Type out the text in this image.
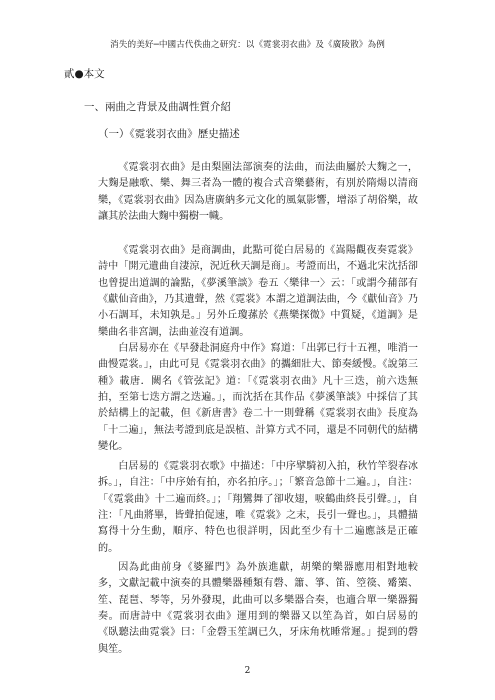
消失的美好─中國古代佚曲之研究：以《霓裳羽衣曲》及《廣陵散》為例
貳●本文
一、兩曲之背景及曲調性質介紹
（一）《霓裳羽衣曲》歷史描述

《霓裳羽衣曲》是由梨園法部演奏的法曲，而法曲屬於大麴之一，大麴是融歌、樂、舞三者為一體的複合式音樂藝術，有別於隋煬以清商樂，《霓裳羽衣曲》因為唐廣納多元文化的風氣影響，增添了胡俗樂，故讓其於法曲大麴中獨樹一幟。

《霓裳羽衣曲》是商調曲，此點可從白居易的《嵩陽觀夜奏霓裳》詩中「開元遺曲自淒涼，況近秋天調是商」。考證而出，不過北宋沈括卻也曾提出道調的論點，《夢溪筆談》卷五〈樂律一〉云：「或謂今蒱部有《獻仙音曲》，乃其遺聲，然《霓裳》本謂之道調法曲，今《獻仙音》乃小石調耳，未知孰是。」另外丘瓊蓀於《燕樂探微》中質疑，《道調》是樂曲名非宮調，法曲並沒有道調。

白居易亦在《早發赴洞庭舟中作》寫道：「出郭已行十五裡，唯消一曲慢霓裳。」，由此可見《霓裳羽衣曲》的攜細壯大、節奏緩慢。《說第三種》載唐．闕名《管弦記》道：「《霓裳羽衣曲》凡十三迭，前六迭無拍，至第七迭方謂之迭遍。」，而沈括在其作品《夢溪筆談》中採信了其於結構上的記載，但《新唐書》卷二十一則聲稱《霓裳羽衣曲》長度為「十二遍」，無法考證到底是誤植、計算方式不同，還是不同朝代的結構變化。

白居易的《霓裳羽衣歌》中描述：「中序擘騎初入拍，秋竹竿裂春冰拆。」，自注：「中序始有拍，亦名拍序。」；「繁音急節十二遍。」，自注：「《霓裳曲》十二遍而終。」；「翔鸞舞了卻收翅，唳鶴曲終長引聲。」，自注：「凡曲將畢，皆聲拍促速，唯《霓裳》之末，長引一聲也。」，具體描寫得十分生動，順序、特色也很詳明，因此至少有十二遍應該是正確的。

因為此曲前身《婆羅門》為外族進獻，胡樂的樂器應用相對地較多，文獻記載中演奏的具體樂器種類有磬、簫、箏、笛、箜篌、觱篥、笙、琵琶、琴等，另外發現，此曲可以多樂器合奏，也適合單一樂器獨奏。而唐詩中《霓裳羽衣曲》運用到的樂器又以笙為首，如白居易的《臥聽法曲霓裳》曰：「金磬玉笙調已久，牙床角枕睡常遲。」提到的磬與笙。

2
